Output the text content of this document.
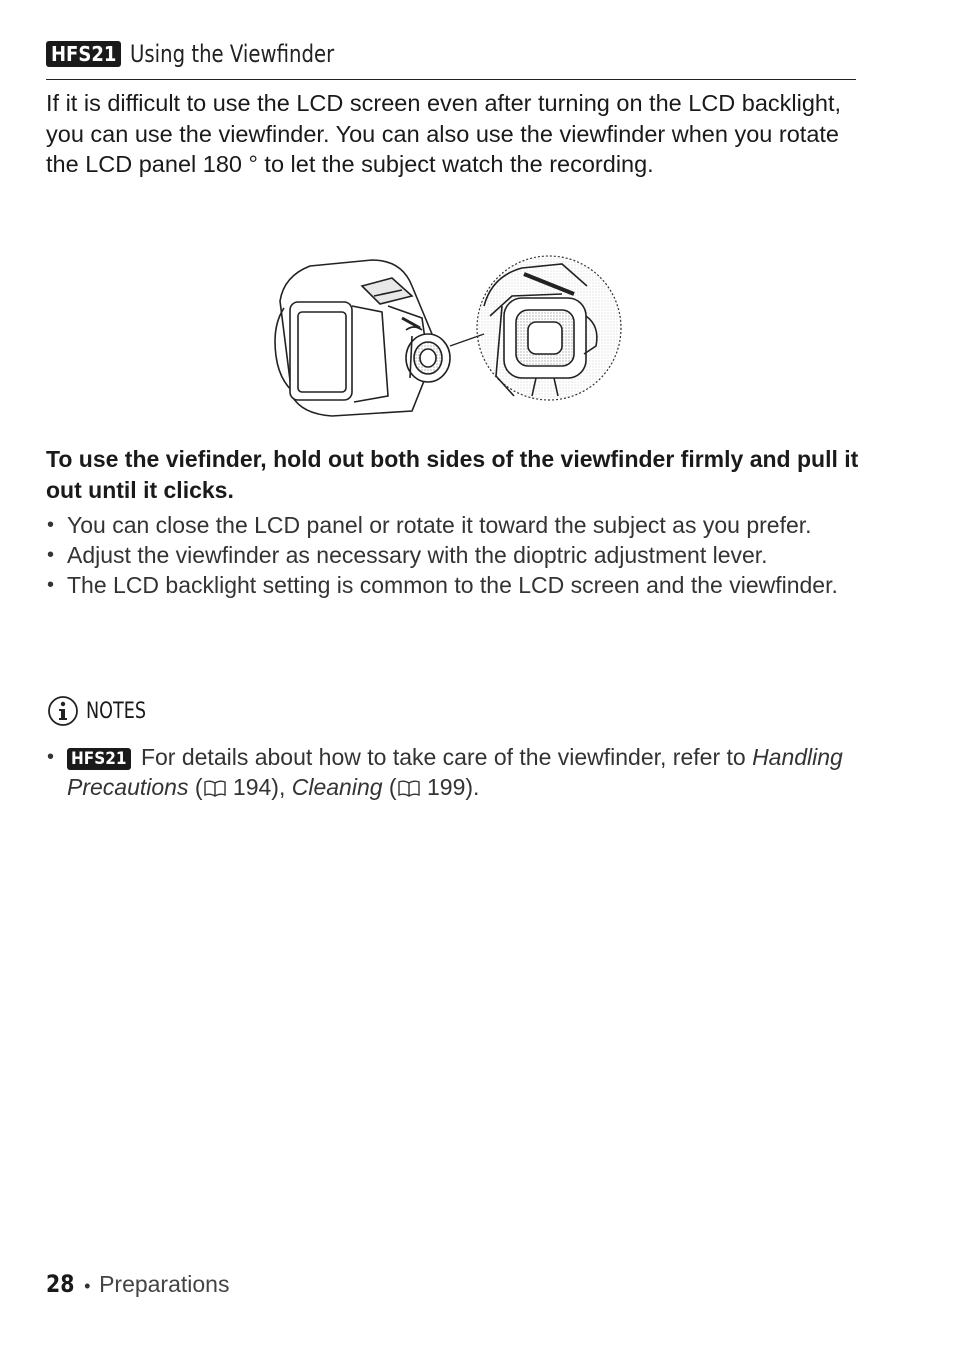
HFS21 Using the Viewfinder

If it is difficult to use the LCD screen even after turning on the LCD backlight, you can use the viewfinder. You can also use the viewfinder when you rotate the LCD panel 180 ° to let the subject watch the recording.

To use the viefinder, hold out both sides of the viewfinder firmly and pull it out until it clicks.

• You can close the LCD panel or rotate it toward the subject as you prefer.
• Adjust the viewfinder as necessary with the dioptric adjustment lever.
• The LCD backlight setting is common to the LCD screen and the viewfinder.
NOTES
• HFS21 For details about how to take care of the viewfinder, refer to Handling Precautions ( 194), Cleaning ( 199).
28 • Preparations
